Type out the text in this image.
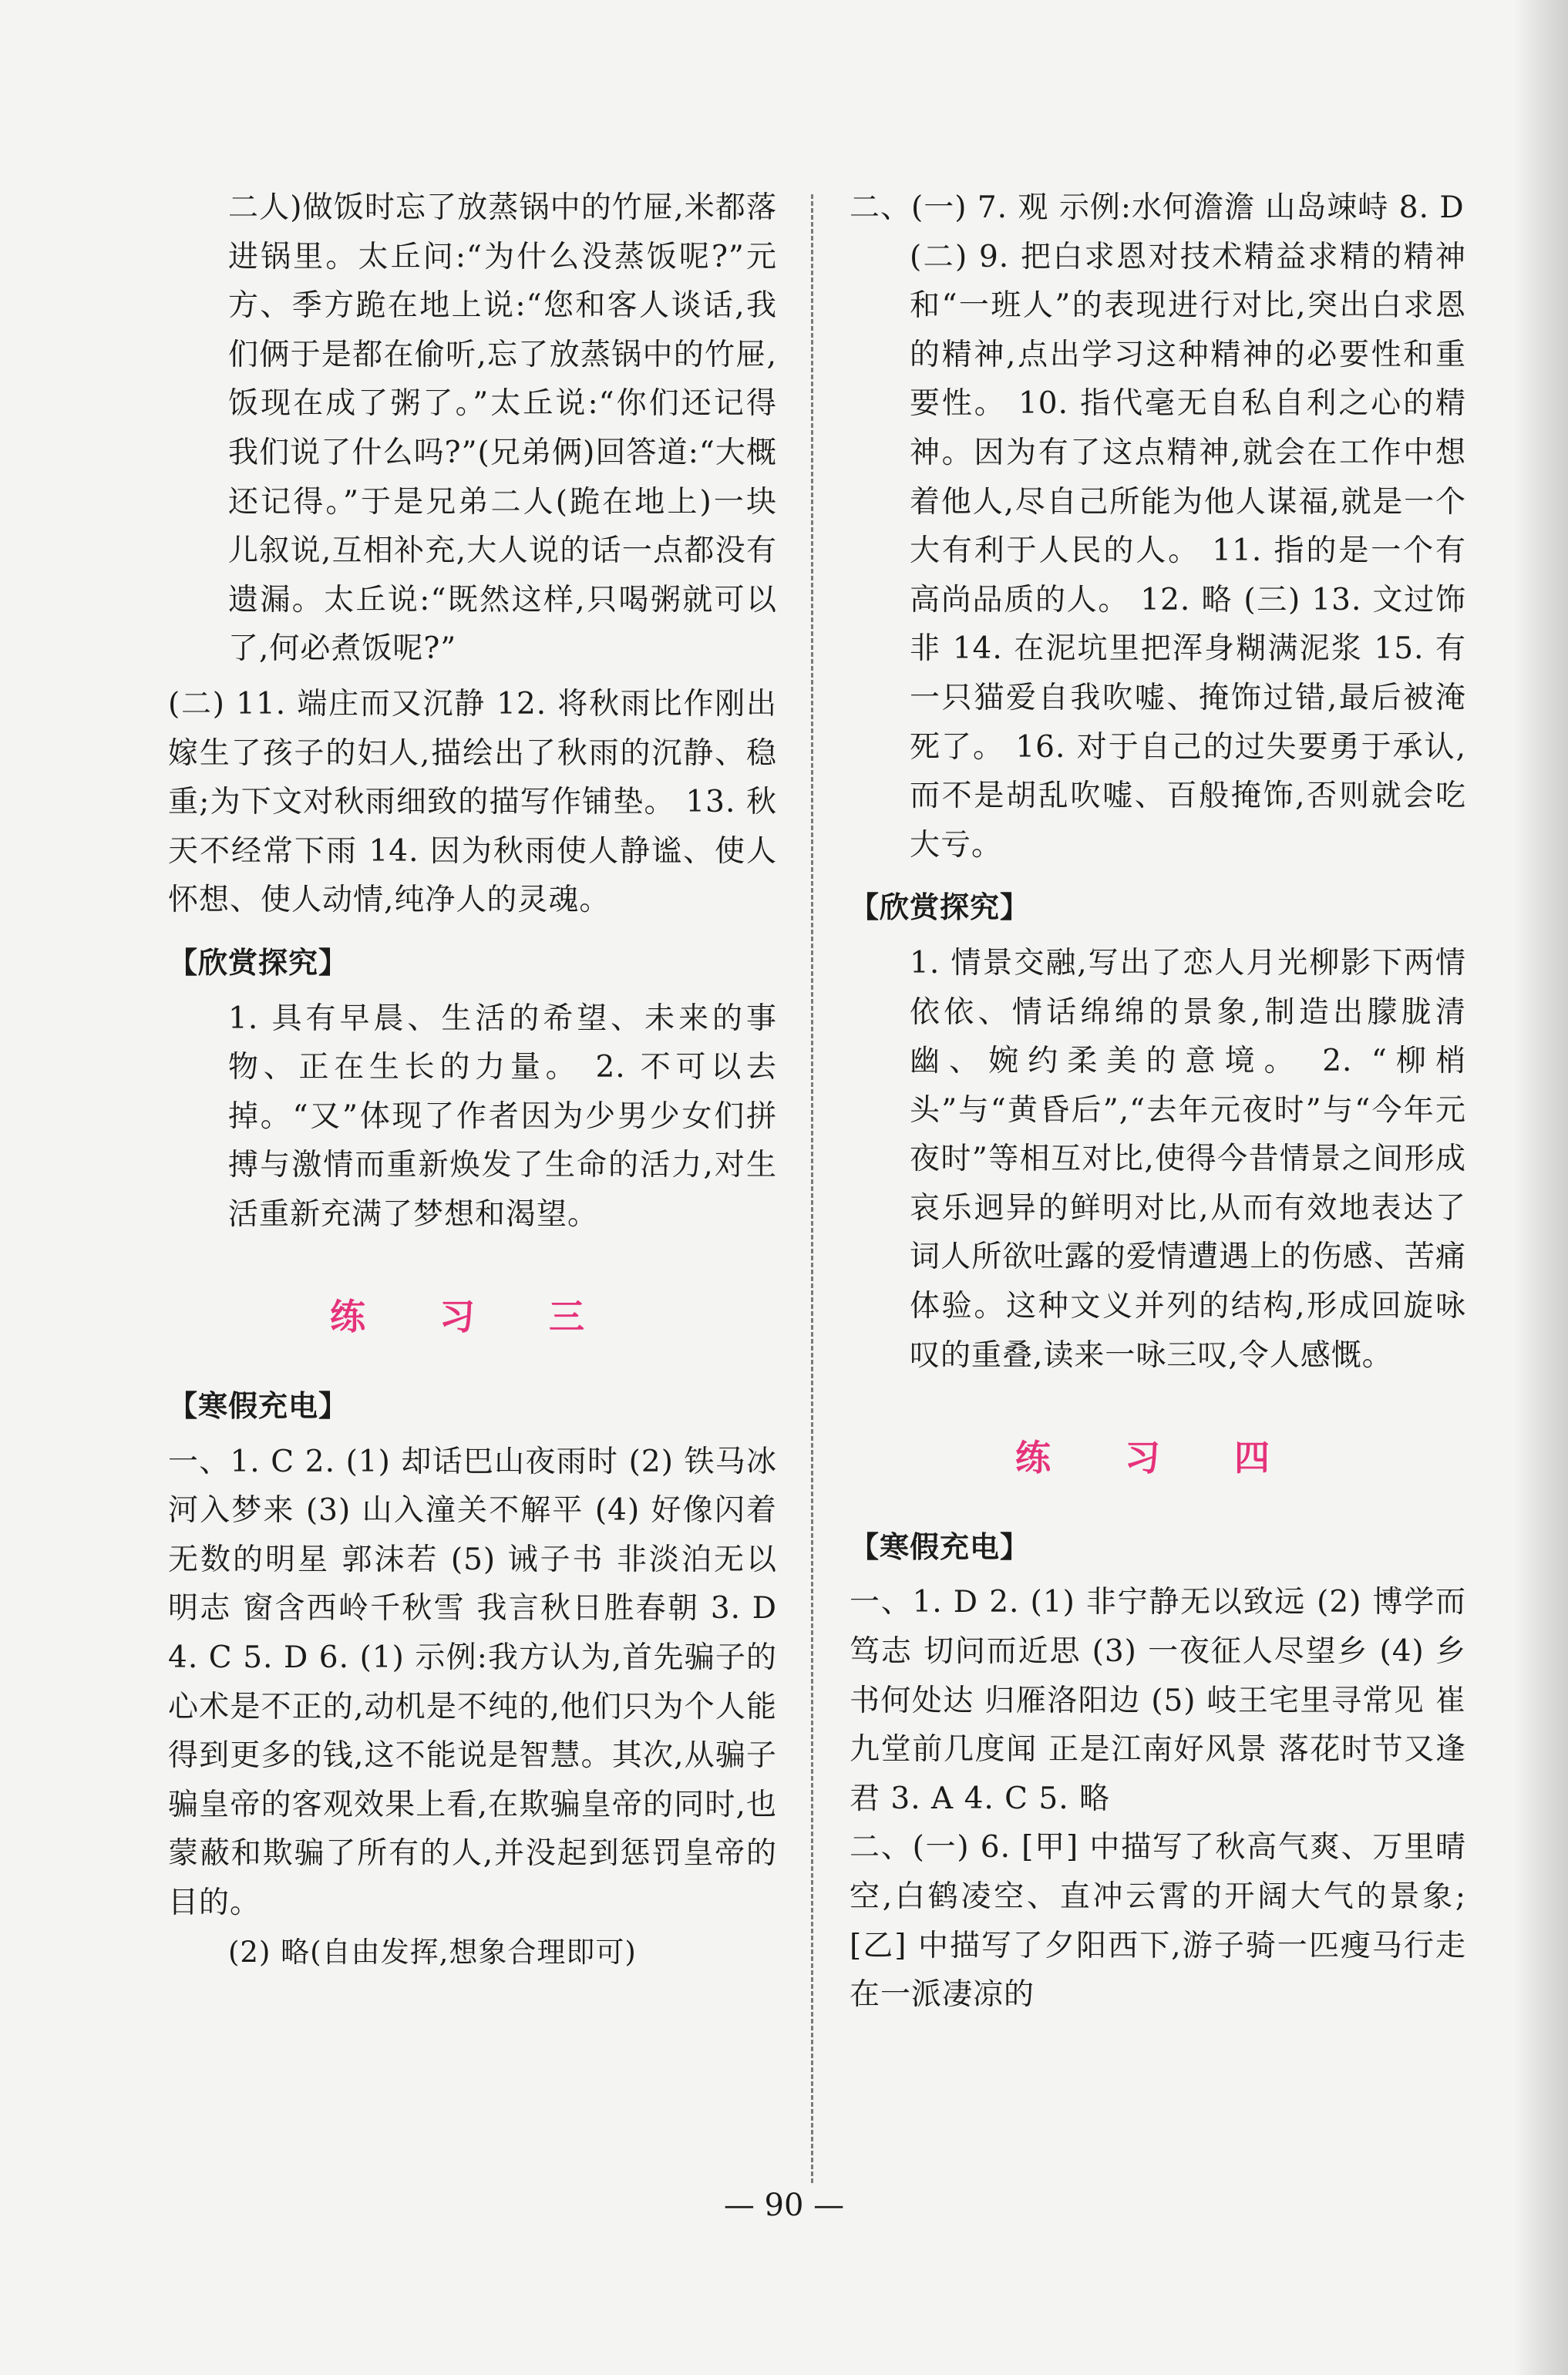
二人)做饭时忘了放蒸锅中的竹屉,米都落进锅里。太丘问:“为什么没蒸饭呢?”元方、季方跪在地上说:“您和客人谈话,我们俩于是都在偷听,忘了放蒸锅中的竹屉,饭现在成了粥了。”太丘说:“你们还记得我们说了什么吗?”(兄弟俩)回答道:“大概还记得。”于是兄弟二人(跪在地上)一块儿叙说,互相补充,大人说的话一点都没有遗漏。太丘说:“既然这样,只喝粥就可以了,何必煮饭呢?”

(二) 11. 端庄而又沉静 12. 将秋雨比作刚出嫁生了孩子的妇人,描绘出了秋雨的沉静、稳重;为下文对秋雨细致的描写作铺垫。 13. 秋天不经常下雨 14. 因为秋雨使人静谧、使人怀想、使人动情,纯净人的灵魂。

【欣赏探究】

1. 具有早晨、生活的希望、未来的事物、正在生长的力量。 2. 不可以去掉。“又”体现了作者因为少男少女们拼搏与激情而重新焕发了生命的活力,对生活重新充满了梦想和渴望。

练 习 三

【寒假充电】

一、1. C 2. (1) 却话巴山夜雨时 (2) 铁马冰河入梦来 (3) 山入潼关不解平 (4) 好像闪着无数的明星 郭沫若 (5) 诫子书 非淡泊无以明志 窗含西岭千秋雪 我言秋日胜春朝 3. D 4. C 5. D 6. (1) 示例:我方认为,首先骗子的心术是不正的,动机是不纯的,他们只为个人能得到更多的钱,这不能说是智慧。其次,从骗子骗皇帝的客观效果上看,在欺骗皇帝的同时,也蒙蔽和欺骗了所有的人,并没起到惩罚皇帝的目的。

(2) 略(自由发挥,想象合理即可)

二、(一) 7. 观 示例:水何澹澹 山岛竦峙 8. D

(二) 9. 把白求恩对技术精益求精的精神和“一班人”的表现进行对比,突出白求恩的精神,点出学习这种精神的必要性和重要性。 10. 指代毫无自私自利之心的精神。因为有了这点精神,就会在工作中想着他人,尽自己所能为他人谋福,就是一个大有利于人民的人。 11. 指的是一个有高尚品质的人。 12. 略 (三) 13. 文过饰非 14. 在泥坑里把浑身糊满泥浆 15. 有一只猫爱自我吹嘘、掩饰过错,最后被淹死了。 16. 对于自己的过失要勇于承认,而不是胡乱吹嘘、百般掩饰,否则就会吃大亏。

【欣赏探究】

1. 情景交融,写出了恋人月光柳影下两情依依、情话绵绵的景象,制造出朦胧清幽、婉约柔美的意境。 2. “柳梢头”与“黄昏后”,“去年元夜时”与“今年元夜时”等相互对比,使得今昔情景之间形成哀乐迥异的鲜明对比,从而有效地表达了词人所欲吐露的爱情遭遇上的伤感、苦痛体验。这种文义并列的结构,形成回旋咏叹的重叠,读来一咏三叹,令人感慨。

练 习 四

【寒假充电】

一、1. D 2. (1) 非宁静无以致远 (2) 博学而笃志 切问而近思 (3) 一夜征人尽望乡 (4) 乡书何处达 归雁洛阳边 (5) 岐王宅里寻常见 崔九堂前几度闻 正是江南好风景 落花时节又逢君 3. A 4. C 5. 略

二、(一) 6. [甲] 中描写了秋高气爽、万里晴空,白鹤凌空、直冲云霄的开阔大气的景象;[乙] 中描写了夕阳西下,游子骑一匹瘦马行走在一派凄凉的

— 90 —
